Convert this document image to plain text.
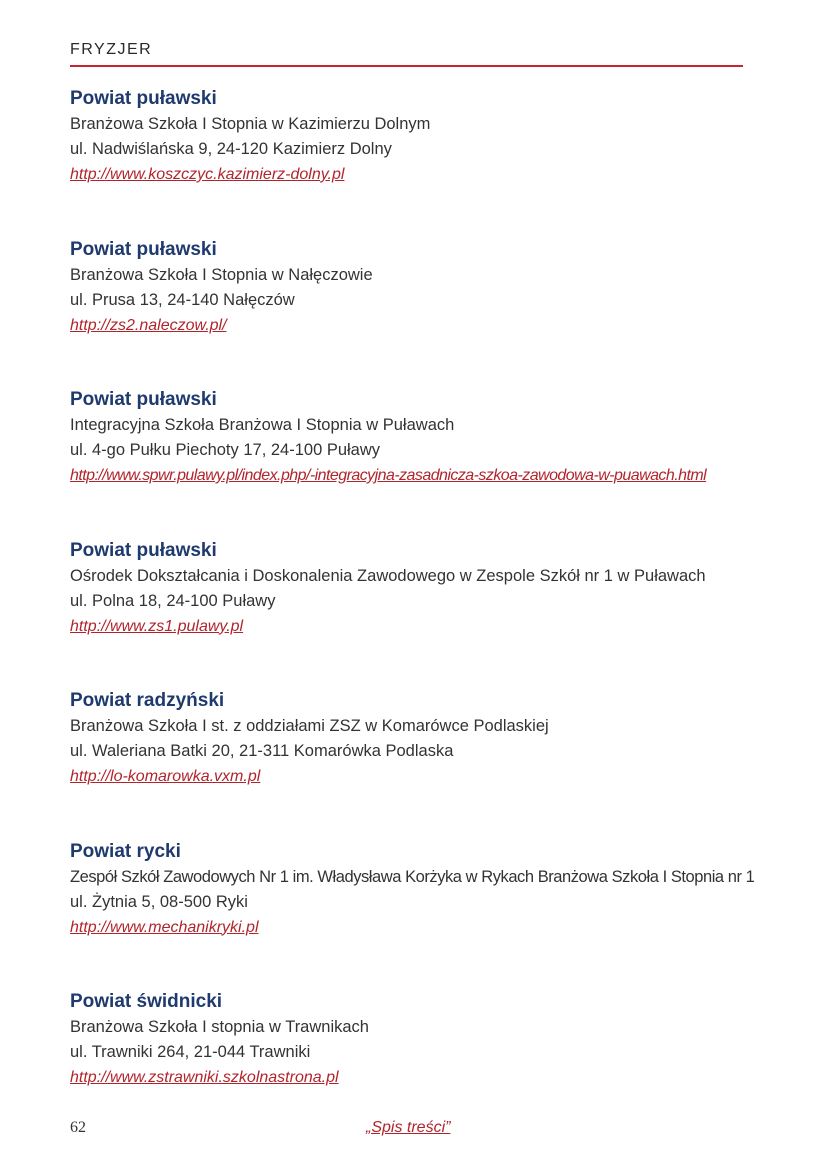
FRYZJER
Powiat puławski
Branżowa Szkoła I Stopnia w Kazimierzu Dolnym
ul. Nadwiślańska 9, 24-120 Kazimierz Dolny
http://www.koszczyc.kazimierz-dolny.pl
Powiat puławski
Branżowa Szkoła I Stopnia w Nałęczowie
ul. Prusa 13, 24-140 Nałęczów
http://zs2.naleczow.pl/
Powiat puławski
Integracyjna Szkoła Branżowa I Stopnia w Puławach
ul. 4-go Pułku Piechoty 17, 24-100 Puławy
http://www.spwr.pulawy.pl/index.php/-integracyjna-zasadnicza-szkoa-zawodowa-w-puawach.html
Powiat puławski
Ośrodek Dokształcania i Doskonalenia Zawodowego w Zespole Szkół nr 1 w Puławach
ul. Polna 18, 24-100 Puławy
http://www.zs1.pulawy.pl
Powiat radzyński
Branżowa Szkoła I st. z oddziałami ZSZ w Komarówce Podlaskiej
ul. Waleriana Batki 20, 21-311 Komarówka Podlaska
http://lo-komarowka.vxm.pl
Powiat rycki
Zespół Szkół Zawodowych Nr 1 im. Władysława Korżyka w Rykach Branżowa Szkoła I Stopnia nr 1
ul. Żytnia 5, 08-500 Ryki
http://www.mechanikryki.pl
Powiat świdnicki
Branżowa Szkoła I stopnia w Trawnikach
ul. Trawniki 264, 21-044 Trawniki
http://www.zstrawniki.szkolnastrona.pl
62	„Spis treści”
